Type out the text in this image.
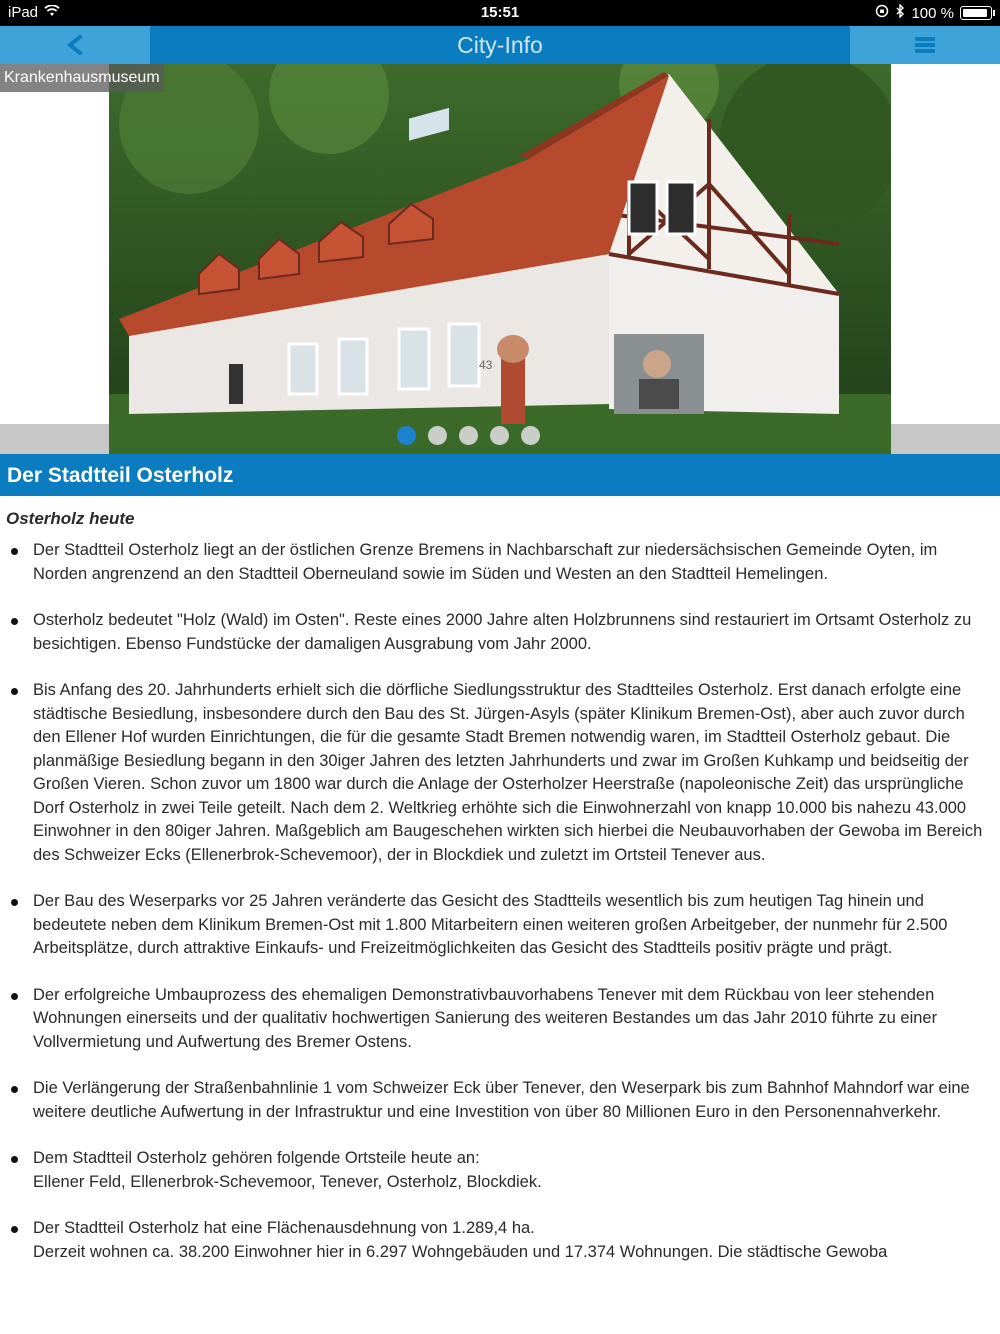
iPad	15:51	100 %
City-Info
43
Krankenhausmuseum
Der Stadtteil Osterholz
Osterholz heute
Der Stadtteil Osterholz liegt an der östlichen Grenze Bremens in Nachbarschaft zur niedersächsischen Gemeinde Oyten, im Norden angrenzend an den Stadtteil Oberneuland sowie im Süden und Westen an den Stadtteil Hemelingen.
Osterholz bedeutet "Holz (Wald) im Osten". Reste eines 2000 Jahre alten Holzbrunnens sind restauriert im Ortsamt Osterholz zu besichtigen. Ebenso Fundstücke der damaligen Ausgrabung vom Jahr 2000.
Bis Anfang des 20. Jahrhunderts erhielt sich die dörfliche Siedlungsstruktur des Stadtteiles Osterholz. Erst danach erfolgte eine städtische Besiedlung, insbesondere durch den Bau des St. Jürgen-Asyls (später Klinikum Bremen-Ost), aber auch zuvor durch den Ellener Hof wurden Einrichtungen, die für die gesamte Stadt Bremen notwendig waren, im Stadtteil Osterholz gebaut. Die planmäßige Besiedlung begann in den 30iger Jahren des letzten Jahrhunderts und zwar im Großen Kuhkamp und beidseitig der Großen Vieren. Schon zuvor um 1800 war durch die Anlage der Osterholzer Heerstraße (napoleonische Zeit) das ursprüngliche Dorf Osterholz in zwei Teile geteilt. Nach dem 2. Weltkrieg erhöhte sich die Einwohnerzahl von knapp 10.000 bis nahezu 43.000 Einwohner in den 80iger Jahren. Maßgeblich am Baugeschehen wirkten sich hierbei die Neubauvorhaben der Gewoba im Bereich des Schweizer Ecks (Ellenerbrok-Schevemoor), der in Blockdiek und zuletzt im Ortsteil Tenever aus.
Der Bau des Weserparks vor 25 Jahren veränderte das Gesicht des Stadtteils wesentlich bis zum heutigen Tag hinein und bedeutete neben dem Klinikum Bremen-Ost mit 1.800 Mitarbeitern einen weiteren großen Arbeitgeber, der nunmehr für 2.500 Arbeitsplätze, durch attraktive Einkaufs- und Freizeitmöglichkeiten das Gesicht des Stadtteils positiv prägte und prägt.
Der erfolgreiche Umbauprozess des ehemaligen Demonstrativbauvorhabens Tenever mit dem Rückbau von leer stehenden Wohnungen einerseits und der qualitativ hochwertigen Sanierung des weiteren Bestandes um das Jahr 2010 führte zu einer Vollvermietung und Aufwertung des Bremer Ostens.
Die Verlängerung der Straßenbahnlinie 1 vom Schweizer Eck über Tenever, den Weserpark bis zum Bahnhof Mahndorf war eine weitere deutliche Aufwertung in der Infrastruktur und eine Investition von über 80 Millionen Euro in den Personennahverkehr.
Dem Stadtteil Osterholz gehören folgende Ortsteile heute an:
Ellener Feld, Ellenerbrok-Schevemoor, Tenever, Osterholz, Blockdiek.
Der Stadtteil Osterholz hat eine Flächenausdehnung von 1.289,4 ha.
Derzeit wohnen ca. 38.200 Einwohner hier in 6.297 Wohngebäuden und 17.374 Wohnungen. Die städtische Gewoba
